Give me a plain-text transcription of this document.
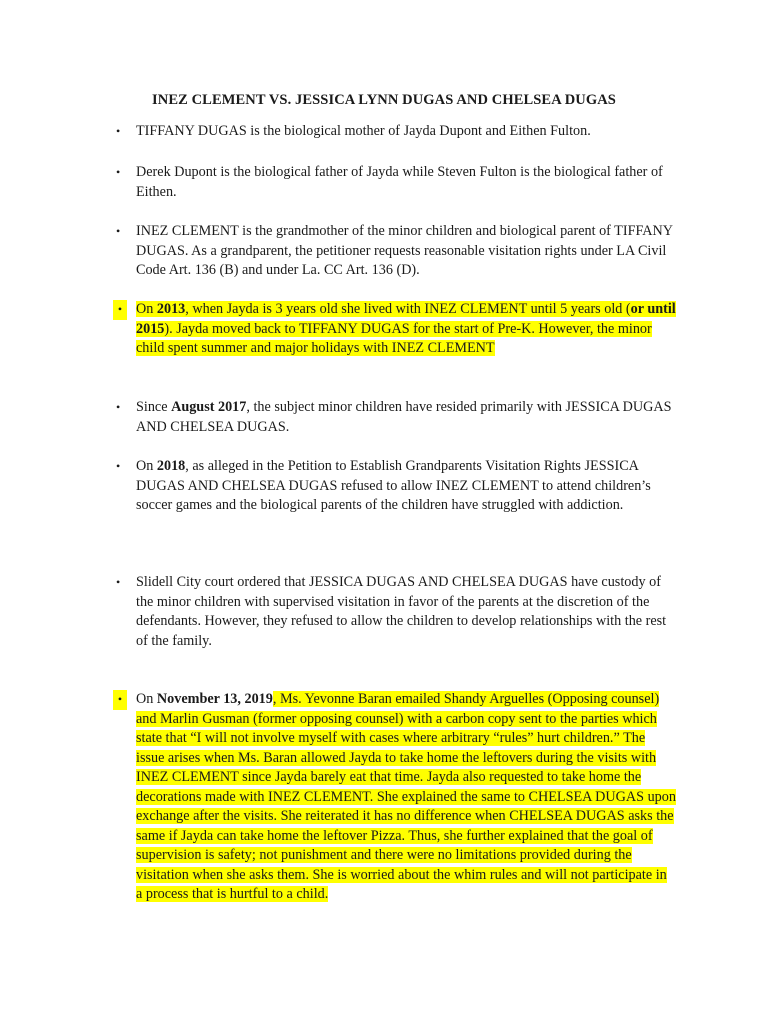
INEZ CLEMENT VS. JESSICA LYNN DUGAS AND CHELSEA DUGAS
•	TIFFANY DUGAS is the biological mother of Jayda Dupont and Eithen Fulton.
•	Derek Dupont is the biological father of Jayda while Steven Fulton is the biological father of Eithen.
•	INEZ CLEMENT is the grandmother of the minor children and biological parent of TIFFANY DUGAS. As a grandparent, the petitioner requests reasonable visitation rights under LA Civil Code Art. 136 (B) and under La. CC Art. 136 (D).
• On 2013, when Jayda is 3 years old she lived with INEZ CLEMENT until 5 years old (or until 2015). Jayda moved back to TIFFANY DUGAS for the start of Pre-K. However, the minor child spent summer and major holidays with INEZ CLEMENT
•	Since August 2017, the subject minor children have resided primarily with JESSICA DUGAS AND CHELSEA DUGAS.
•	On 2018, as alleged in the Petition to Establish Grandparents Visitation Rights JESSICA DUGAS AND CHELSEA DUGAS refused to allow INEZ CLEMENT to attend children’s soccer games and the biological parents of the children have struggled with addiction.
•	Slidell City court ordered that JESSICA DUGAS AND CHELSEA DUGAS have custody of the minor children with supervised visitation in favor of the parents at the discretion of the defendants. However, they refused to allow the children to develop relationships with the rest of the family.
• On November 13, 2019, Ms. Yevonne Baran emailed Shandy Arguelles (Opposing counsel) and Marlin Gusman (former opposing counsel) with a carbon copy sent to the parties which state that “I will not involve myself with cases where arbitrary “rules” hurt children.” The issue arises when Ms. Baran allowed Jayda to take home the leftovers during the visits with INEZ CLEMENT since Jayda barely eat that time. Jayda also requested to take home the decorations made with INEZ CLEMENT. She explained the same to CHELSEA DUGAS upon exchange after the visits. She reiterated it has no difference when CHELSEA DUGAS asks the same if Jayda can take home the leftover Pizza. Thus, she further explained that the goal of supervision is safety; not punishment and there were no limitations provided during the visitation when she asks them. She is worried about the whim rules and will not participate in a process that is hurtful to a child.
